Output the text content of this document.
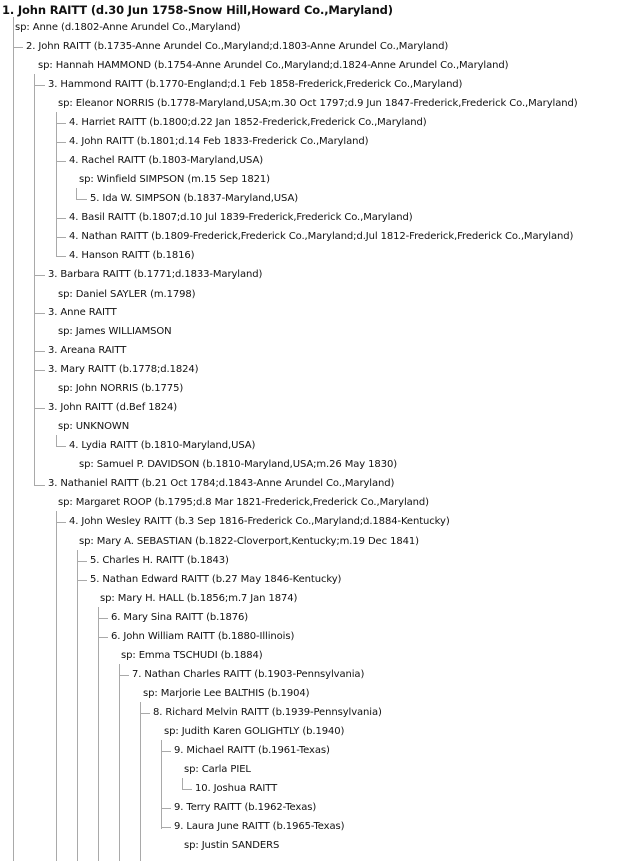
1. John RAITT (d.30 Jun 1758-Snow Hill,Howard Co.,Maryland)
sp: Anne (d.1802-Anne Arundel Co.,Maryland)
2. John RAITT (b.1735-Anne Arundel Co.,Maryland;d.1803-Anne Arundel Co.,Maryland)
sp: Hannah HAMMOND (b.1754-Anne Arundel Co.,Maryland;d.1824-Anne Arundel Co.,Maryland)
3. Hammond RAITT (b.1770-England;d.1 Feb 1858-Frederick,Frederick Co.,Maryland)
sp: Eleanor NORRIS (b.1778-Maryland,USA;m.30 Oct 1797;d.9 Jun 1847-Frederick,Frederick Co.,Maryland)
4. Harriet RAITT (b.1800;d.22 Jan 1852-Frederick,Frederick Co.,Maryland)
4. John RAITT (b.1801;d.14 Feb 1833-Frederick Co.,Maryland)
4. Rachel RAITT (b.1803-Maryland,USA)
sp: Winfield SIMPSON (m.15 Sep 1821)
5. Ida W. SIMPSON (b.1837-Maryland,USA)
4. Basil RAITT (b.1807;d.10 Jul 1839-Frederick,Frederick Co.,Maryland)
4. Nathan RAITT (b.1809-Frederick,Frederick Co.,Maryland;d.Jul 1812-Frederick,Frederick Co.,Maryland)
4. Hanson RAITT (b.1816)
3. Barbara RAITT (b.1771;d.1833-Maryland)
sp: Daniel SAYLER (m.1798)
3. Anne RAITT
sp: James WILLIAMSON
3. Areana RAITT
3. Mary RAITT (b.1778;d.1824)
sp: John NORRIS (b.1775)
3. John RAITT (d.Bef 1824)
sp: UNKNOWN
4. Lydia RAITT (b.1810-Maryland,USA)
sp: Samuel P. DAVIDSON (b.1810-Maryland,USA;m.26 May 1830)
3. Nathaniel RAITT (b.21 Oct 1784;d.1843-Anne Arundel Co.,Maryland)
sp: Margaret ROOP (b.1795;d.8 Mar 1821-Frederick,Frederick Co.,Maryland)
4. John Wesley RAITT (b.3 Sep 1816-Frederick Co.,Maryland;d.1884-Kentucky)
sp: Mary A. SEBASTIAN (b.1822-Cloverport,Kentucky;m.19 Dec 1841)
5. Charles H. RAITT (b.1843)
5. Nathan Edward RAITT (b.27 May 1846-Kentucky)
sp: Mary H. HALL (b.1856;m.7 Jan 1874)
6. Mary Sina RAITT (b.1876)
6. John William RAITT (b.1880-Illinois)
sp: Emma TSCHUDI (b.1884)
7. Nathan Charles RAITT (b.1903-Pennsylvania)
sp: Marjorie Lee BALTHIS (b.1904)
8. Richard Melvin RAITT (b.1939-Pennsylvania)
sp: Judith Karen GOLIGHTLY (b.1940)
9. Michael RAITT (b.1961-Texas)
sp: Carla PIEL
10. Joshua RAITT
9. Terry RAITT (b.1962-Texas)
9. Laura June RAITT (b.1965-Texas)
sp: Justin SANDERS
